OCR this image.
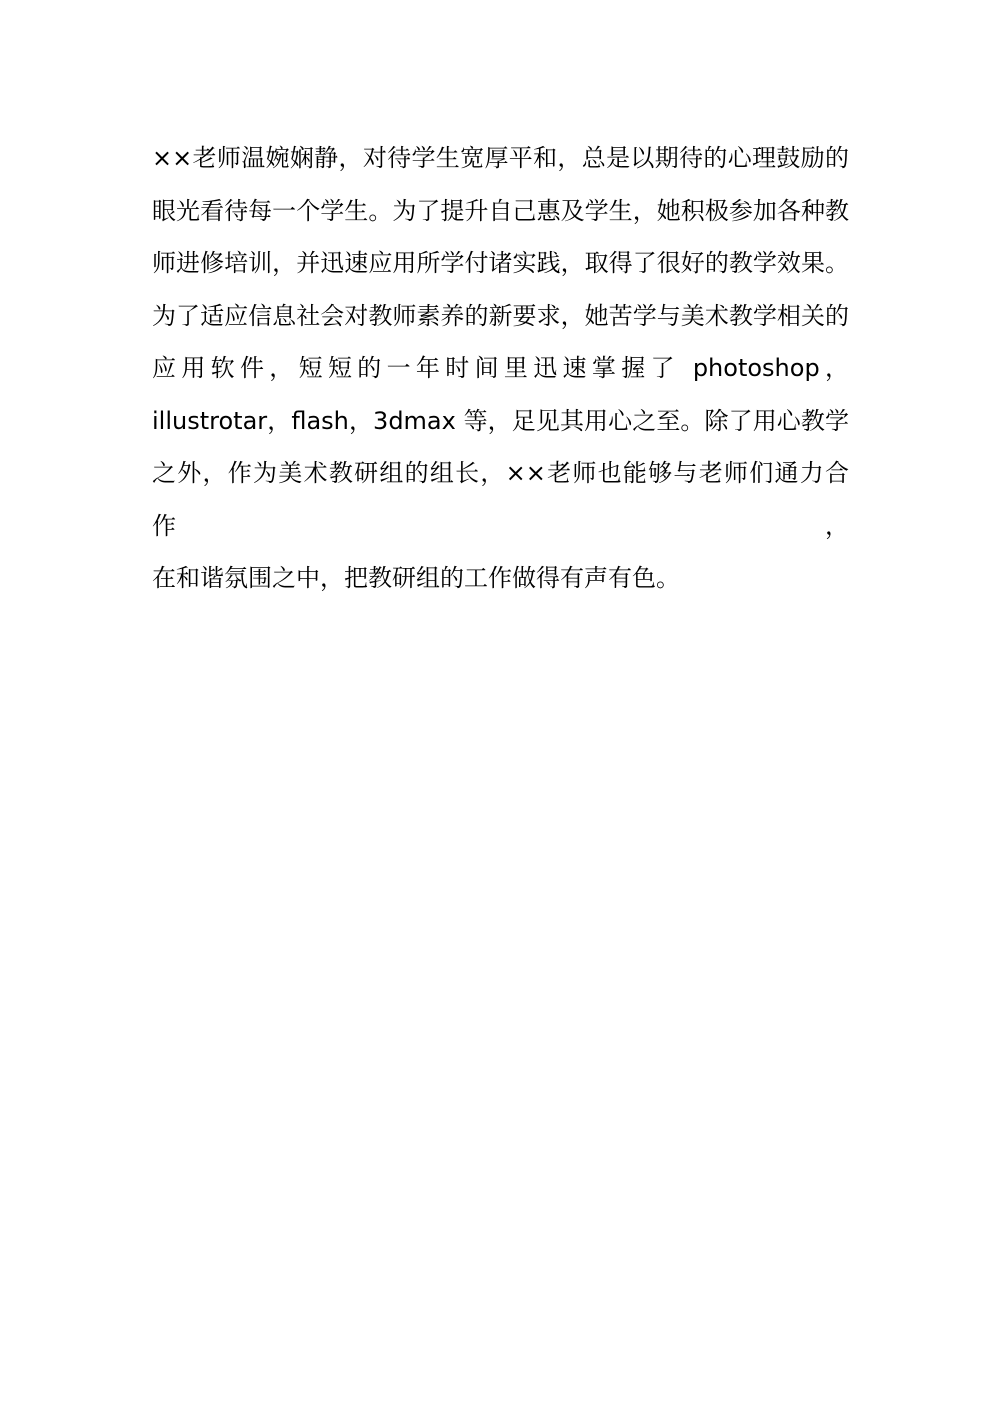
××老师温婉娴静，对待学生宽厚平和，总是以期待的心理鼓励的
眼光看待每一个学生。为了提升自己惠及学生，她积极参加各种教
师进修培训，并迅速应用所学付诸实践，取得了很好的教学效果。
为了适应信息社会对教师素养的新要求，她苦学与美术教学相关的
应用软件，短短的一年时间里迅速掌握了 photoshop，
illustrotar，flash，3dmax 等，足见其用心之至。除了用心教学
之外，作为美术教研组的组长，××老师也能够与老师们通力合作，
在和谐氛围之中，把教研组的工作做得有声有色。
